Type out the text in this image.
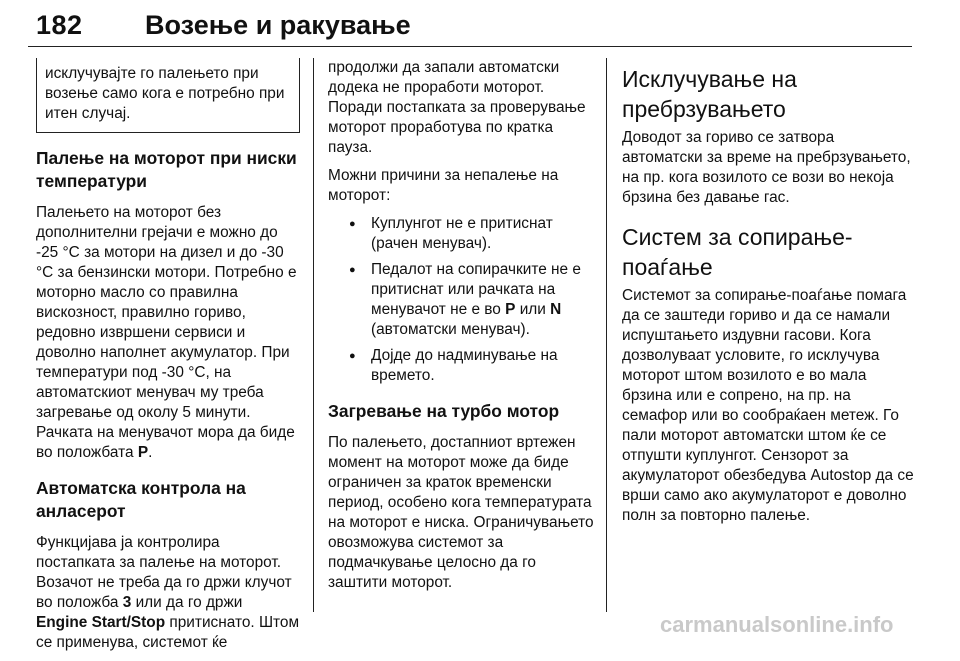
182 Возење и ракување

исклучувајте го палењето при возење само кога е потребно при итен случај.

Палење на моторот при ниски температури

Палењето на моторот без дополнителни грејачи е можно до -25 °C за мотори на дизел и до -30 °C за бензински мотори. Потребно е моторно масло со правилна вискозност, правилно гориво, редовно извршени сервиси и доволно наполнет акумулатор. При температури под -30 °C, на автоматскиот менувач му треба загревање од околу 5 минути. Рачката на менувачот мора да биде во положбата P.

Автоматска контрола на анласерот

Функцијава ја контролира постапката за палење на моторот. Возачот не треба да го држи клучот во положба 3 или да го држи
Engine Start/Stop притиснато. Штом се применува, системот ќе

продолжи да запали автоматски додека не проработи моторот. Поради постапката за проверување моторот проработува по кратка пауза.

Можни причини за непалење на моторот:

● Куплунгот не е притиснат (рачен менувач).
● Педалот на сопирачките не е притиснат или рачката на менувачот не е во P или N (автоматски менувач).
● Дојде до надминување на времето.
Загревање на турбо мотор

По палењето, достапниот вртежен момент на моторот може да биде ограничен за краток временски период, особено кога температурата на моторот е ниска. Ограничувањето овозможува системот за подмачкување целосно да го заштити моторот.

Исклучување на пребрзувањето

Доводот за гориво се затвора автоматски за време на пребрзувањето, на пр. кога возилото се вози во некоја брзина без давање гас.

Систем за сопирање-поаѓање

Системот за сопирање-поаѓање помага да се заштеди гориво и да се намали испуштањето издувни гасови. Кога дозволуваат условите, го исклучува моторот штом возилото е во мала брзина или е сопрено, на пр. на семафор или во сообраќаен метеж. Го пали моторот автоматски штом ќе се отпушти куплунгот. Сензорот за акумулаторот обезбедува Autostop да се врши само ако акумулаторот е доволно полн за повторно палење.

carmanualsonline.info
